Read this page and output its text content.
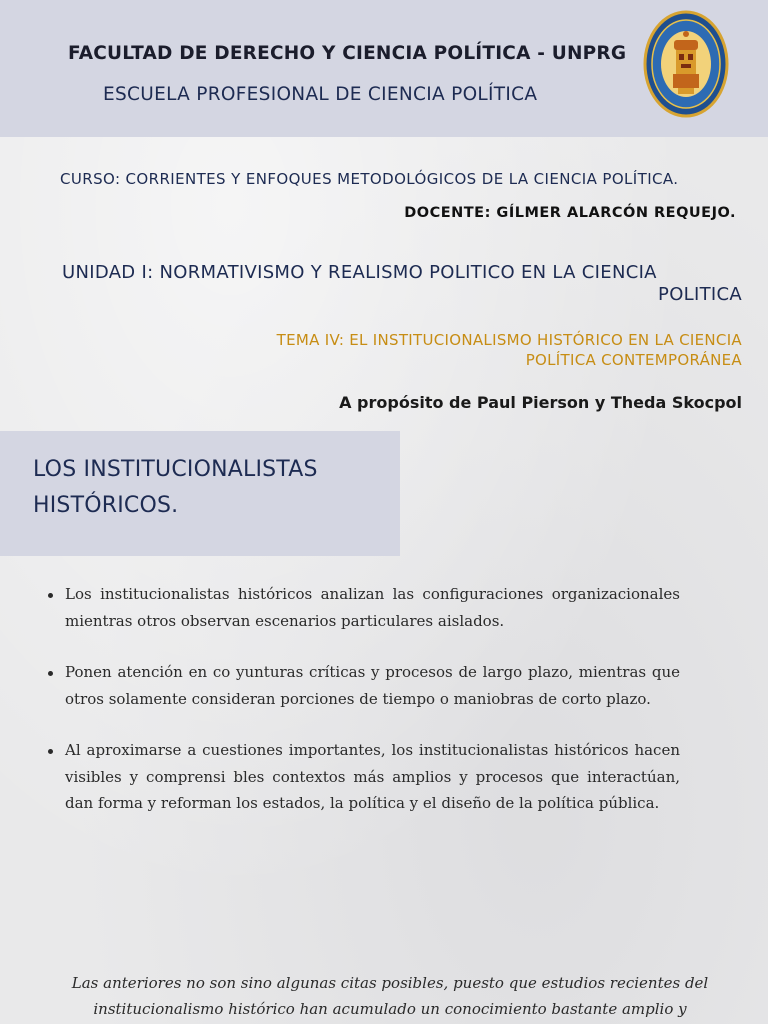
FACULTAD DE DERECHO Y CIENCIA POLÍTICA - UNPRG
ESCUELA PROFESIONAL DE CIENCIA POLÍTICA
CURSO: CORRIENTES Y ENFOQUES METODOLÓGICOS DE LA CIENCIA POLÍTICA.
DOCENTE: GÍLMER ALARCÓN REQUEJO.
UNIDAD I: NORMATIVISMO Y REALISMO POLITICO EN LA CIENCIA
POLITICA
TEMA IV: EL INSTITUCIONALISMO HISTÓRICO EN LA CIENCIA
POLÍTICA CONTEMPORÁNEA
A propósito de Paul Pierson y Theda Skocpol
LOS INSTITUCIONALISTAS
HISTÓRICOS.
Los institucionalistas históricos analizan las configuraciones organizacionales mientras otros observan escenarios particulares aislados.
Ponen atención en co yunturas críticas y procesos de largo plazo, mientras que otros solamente consideran porciones de tiempo o maniobras de corto plazo.
Al aproximarse a cuestiones importantes, los institucionalistas históricos hacen visibles y comprensi bles contextos más amplios y procesos que interactúan, dan forma y reforman los estados, la política y el diseño de la política pública.
Las anteriores no son sino algunas citas posibles, puesto que estudios recientes del institucionalismo histórico han acumulado un conocimiento bastante amplio y
